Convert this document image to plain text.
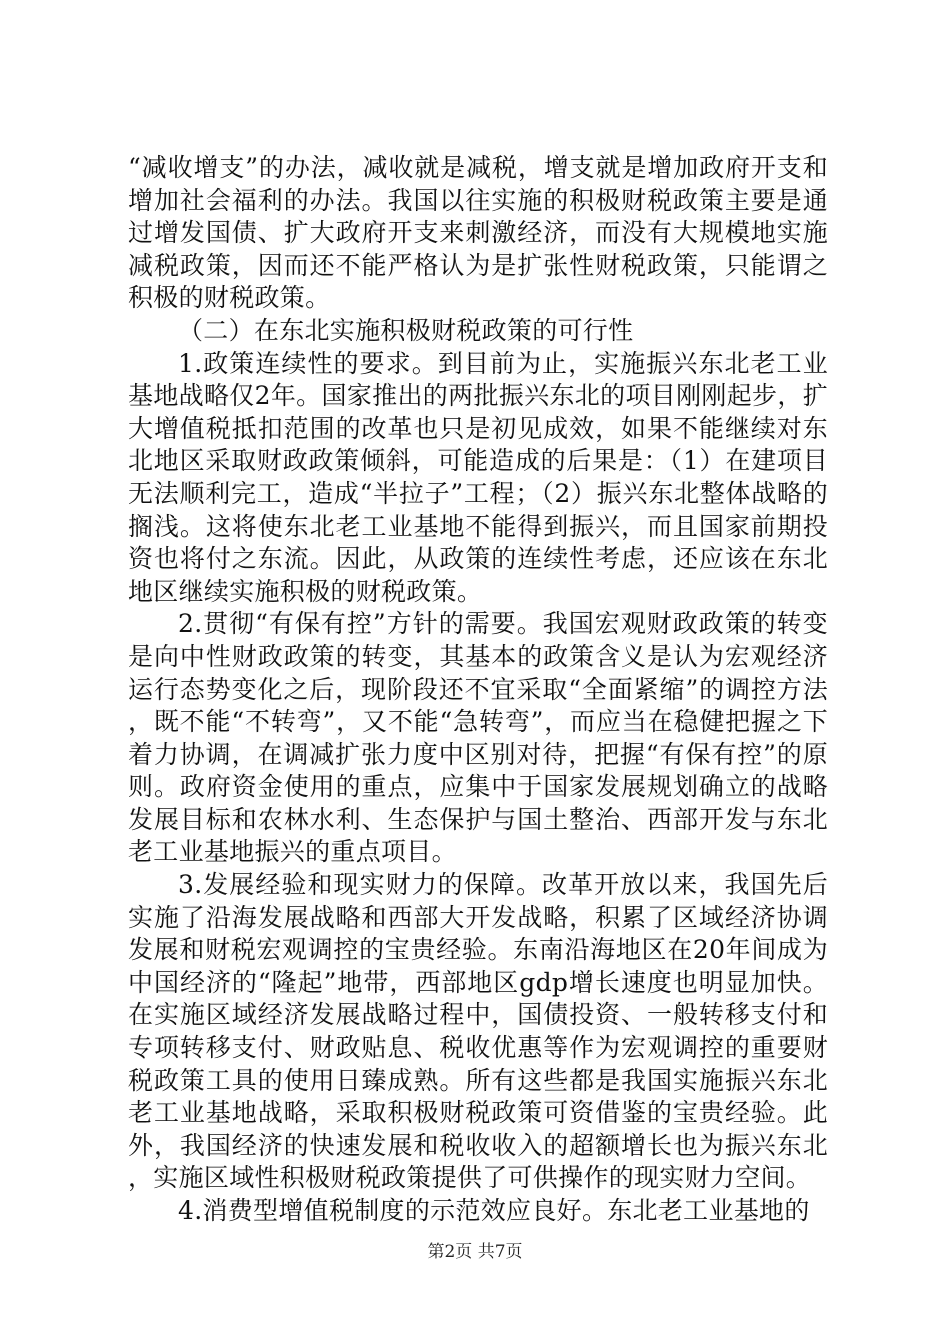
“减收增支”的办法，减收就是减税，增支就是增加政府开支和增加社会福利的办法。我国以往实施的积极财税政策主要是通过增发国债、扩大政府开支来刺激经济，而没有大规模地实施减税政策，因而还不能严格认为是扩张性财税政策，只能谓之积极的财税政策。

（二）在东北实施积极财税政策的可行性

1.政策连续性的要求。到目前为止，实施振兴东北老工业基地战略仅2年。国家推出的两批振兴东北的项目刚刚起步，扩大增值税抵扣范围的改革也只是初见成效，如果不能继续对东北地区采取财政政策倾斜，可能造成的后果是：（1）在建项目无法顺利完工，造成“半拉子”工程；（2）振兴东北整体战略的搁浅。这将使东北老工业基地不能得到振兴，而且国家前期投资也将付之东流。因此，从政策的连续性考虑，还应该在东北地区继续实施积极的财税政策。

2.贯彻“有保有控”方针的需要。我国宏观财政政策的转变是向中性财政政策的转变，其基本的政策含义是认为宏观经济运行态势变化之后，现阶段还不宜采取“全面紧缩”的调控方法，既不能“不转弯”，又不能“急转弯”，而应当在稳健把握之下着力协调，在调减扩张力度中区别对待，把握“有保有控”的原则。政府资金使用的重点，应集中于国家发展规划确立的战略发展目标和农林水利、生态保护与国土整治、西部开发与东北老工业基地振兴的重点项目。

3.发展经验和现实财力的保障。改革开放以来，我国先后实施了沿海发展战略和西部大开发战略，积累了区域经济协调发展和财税宏观调控的宝贵经验。东南沿海地区在20年间成为中国经济的“隆起”地带，西部地区gdp增长速度也明显加快。在实施区域经济发展战略过程中，国债投资、一般转移支付和专项转移支付、财政贴息、税收优惠等作为宏观调控的重要财税政策工具的使用日臻成熟。所有这些都是我国实施振兴东北老工业基地战略，采取积极财税政策可资借鉴的宝贵经验。此外，我国经济的快速发展和税收收入的超额增长也为振兴东北，实施区域性积极财税政策提供了可供操作的现实财力空间。

4.消费型增值税制度的示范效应良好。东北老工业基地的

第2页 共7页
